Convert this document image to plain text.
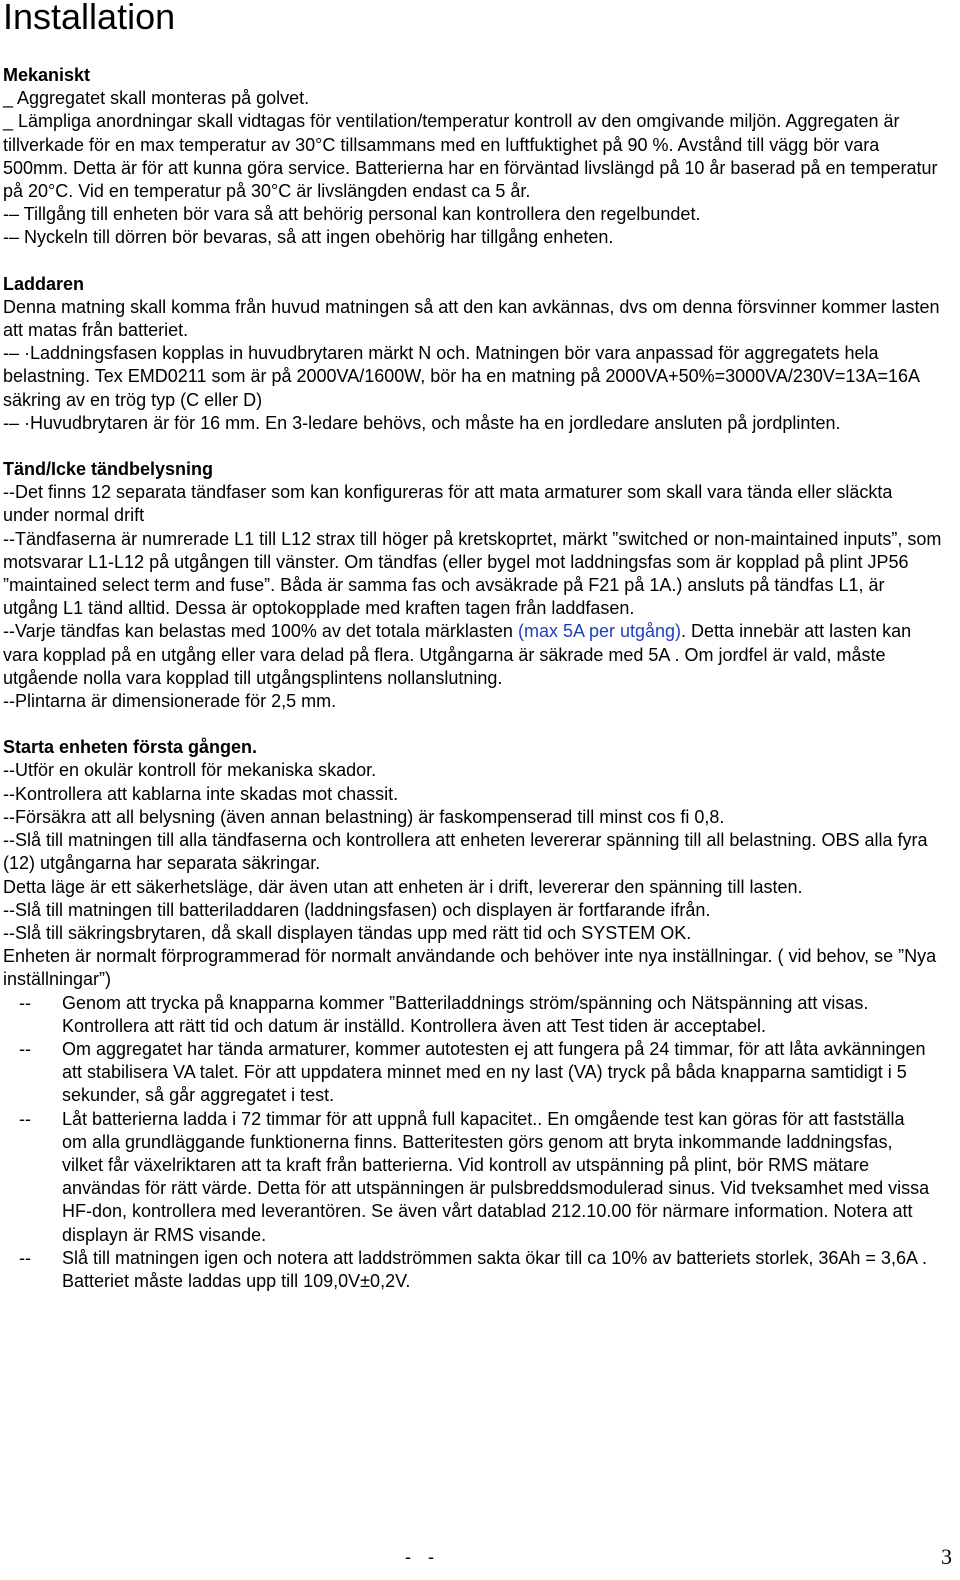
Installation
Mekaniskt

_ Aggregatet skall monteras på golvet.

_ Lämpliga anordningar skall vidtagas för ventilation/temperatur kontroll av den omgivande miljön. Aggregaten är tillverkade för en max temperatur av 30°C tillsammans med en luftfuktighet på 90 %. Avstånd till vägg bör vara 500mm. Detta är för att kunna göra service. Batterierna har en förväntad livslängd på 10 år baserad på en temperatur på 20°C. Vid en temperatur på 30°C är livslängden endast ca 5 år.

-– Tillgång till enheten bör vara så att behörig personal kan kontrollera den regelbundet.

-– Nyckeln till dörren bör bevaras, så att ingen obehörig har tillgång enheten.

Laddaren

Denna matning skall komma från huvud matningen så att den kan avkännas, dvs om denna försvinner kommer lasten att matas från batteriet.

-– ·Laddningsfasen kopplas in huvudbrytaren märkt N och. Matningen bör vara anpassad för aggregatets hela belastning. Tex EMD0211 som är på 2000VA/1600W, bör ha en matning på 2000VA+50%=3000VA/230V=13A=16A säkring av en trög typ (C eller D)

-– ·Huvudbrytaren är för 16 mm. En 3-ledare behövs, och måste ha en jordledare ansluten på jordplinten.

Tänd/Icke tändbelysning

--Det finns 12 separata tändfaser som kan konfigureras för att mata armaturer som skall vara tända eller släckta under normal drift

--Tändfaserna är numrerade L1 till L12 strax till höger på kretskoprtet, märkt ”switched or non-maintained inputs”, som motsvarar L1-L12 på utgången till vänster. Om tändfas (eller bygel mot laddningsfas som är kopplad på plint JP56 ”maintained select term and fuse”. Båda är samma fas och avsäkrade på F21 på 1A.) ansluts på tändfas L1, är utgång L1 tänd alltid. Dessa är optokopplade med kraften tagen från laddfasen.

--Varje tändfas kan belastas med 100% av det totala märklasten (max 5A per utgång). Detta innebär att lasten kan vara kopplad på en utgång eller vara delad på flera. Utgångarna är säkrade med 5A . Om jordfel är vald, måste utgående nolla vara kopplad till utgångsplintens nollanslutning.

--Plintarna är dimensionerade för 2,5 mm.

Starta enheten första gången.

--Utför en okulär kontroll för mekaniska skador.

--Kontrollera att kablarna inte skadas mot chassit.

--Försäkra att all belysning (även annan belastning) är faskompenserad till minst cos fi 0,8.

--Slå till matningen till alla tändfaserna och kontrollera att enheten levererar spänning till all belastning. OBS alla fyra (12) utgångarna har separata säkringar.

Detta läge är ett säkerhetsläge, där även utan att enheten är i drift, levererar den spänning till lasten.

--Slå till matningen till batteriladdaren (laddningsfasen) och displayen är fortfarande ifrån.

--Slå till säkringsbrytaren, då skall displayen tändas upp med rätt tid och SYSTEM OK.

Enheten är normalt förprogrammerad för normalt användande och behöver inte nya inställningar. ( vid behov, se ”Nya inställningar”)

--	Genom att trycka på knapparna kommer ”Batteriladdnings ström/spänning och Nätspänning att visas. Kontrollera att rätt tid och datum är inställd. Kontrollera även att Test tiden är acceptabel.
--	Om aggregatet har tända armaturer, kommer autotesten ej att fungera på 24 timmar, för att låta avkänningen att stabilisera VA talet. För att uppdatera minnet med en ny last (VA) tryck på båda knapparna samtidigt i 5 sekunder, så går aggregatet i test.
--	Låt batterierna ladda i 72 timmar för att uppnå full kapacitet.. En omgående test kan göras för att fastställa om alla grundläggande funktionerna finns. Batteritesten görs genom att bryta inkommande laddningsfas, vilket får växelriktaren att ta kraft från batterierna. Vid kontroll av utspänning på plint, bör RMS mätare användas för rätt värde. Detta för att utspänningen är pulsbreddsmodulerad sinus. Vid tveksamhet med vissa HF-don, kontrollera med leverantören. Se även vårt datablad 212.10.00 för närmare information. Notera att displayn är RMS visande.
--	Slå till matningen igen och notera att laddströmmen sakta ökar till ca 10% av batteriets storlek, 36Ah = 3,6A . Batteriet måste laddas upp till 109,0V±0,2V.
- -	3
